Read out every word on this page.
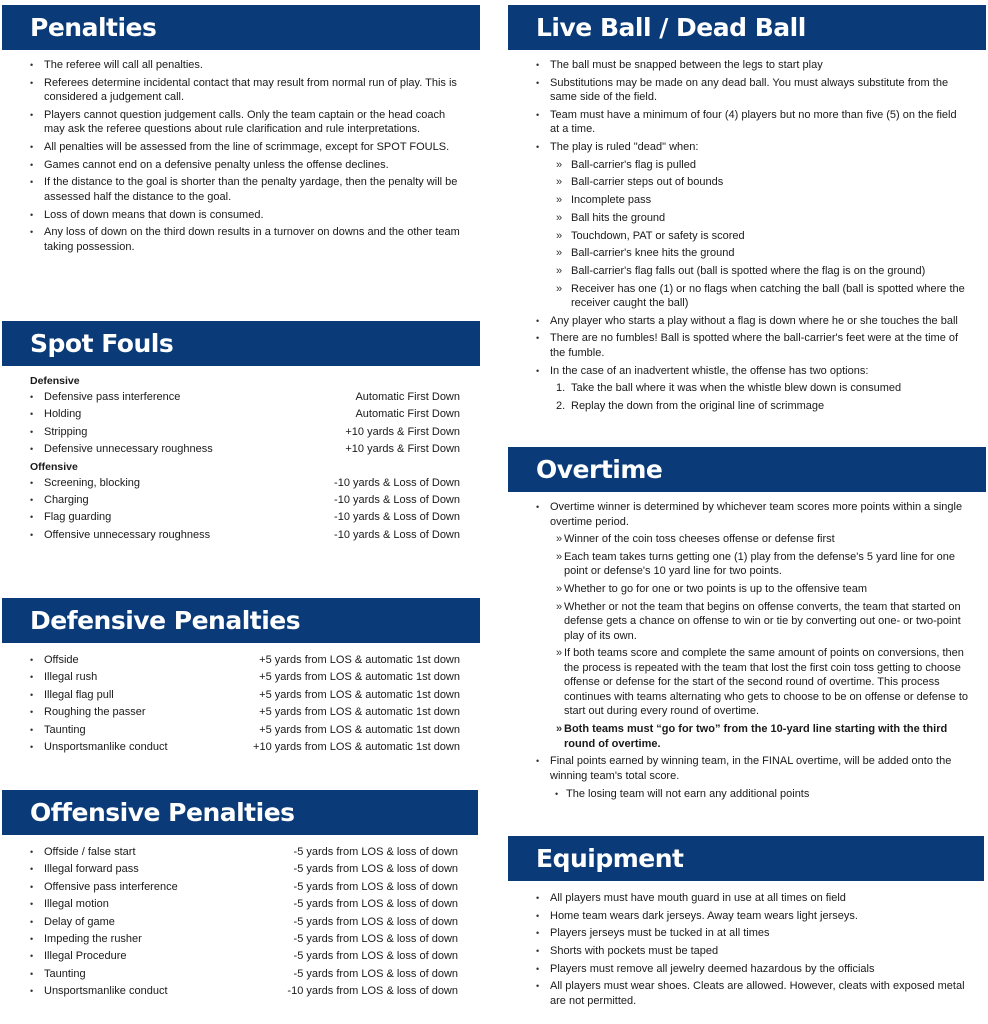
Penalties
• The referee will call all penalties.
• Referees determine incidental contact that may result from normal run of play. This is considered a judgement call.
• Players cannot question judgement calls. Only the team captain or the head coach may ask the referee questions about rule clarification and rule interpretations.
• All penalties will be assessed from the line of scrimmage, except for SPOT FOULS.
• Games cannot end on a defensive penalty unless the offense declines.
• If the distance to the goal is shorter than the penalty yardage, then the penalty will be assessed half the distance to the goal.
• Loss of down means that down is consumed.
• Any loss of down on the third down results in a turnover on downs and the other team taking possession.
Spot Fouls
Defensive
• Defensive pass interference	Automatic First Down
• Holding	Automatic First Down
• Stripping	+10 yards & First Down
• Defensive unnecessary roughness	+10 yards & First Down
Offensive
• Screening, blocking	-10 yards & Loss of Down
• Charging	-10 yards & Loss of Down
• Flag guarding	-10 yards & Loss of Down
• Offensive unnecessary roughness	-10 yards & Loss of Down
Defensive Penalties
• Offside	+5 yards from LOS & automatic 1st down
• Illegal rush	+5 yards from LOS & automatic 1st down
• Illegal flag pull	+5 yards from LOS & automatic 1st down
• Roughing the passer	+5 yards from LOS & automatic 1st down
• Taunting	+5 yards from LOS & automatic 1st down
• Unsportsmanlike conduct	+10 yards from LOS & automatic 1st down
Offensive Penalties
• Offside / false start	-5 yards from LOS & loss of down
• Illegal forward pass	-5 yards from LOS & loss of down
• Offensive pass interference	-5 yards from LOS & loss of down
• Illegal motion	-5 yards from LOS & loss of down
• Delay of game	-5 yards from LOS & loss of down
• Impeding the rusher	-5 yards from LOS & loss of down
• Illegal Procedure	-5 yards from LOS & loss of down
• Taunting	-5 yards from LOS & loss of down
• Unsportsmanlike conduct	-10 yards from LOS & loss of down
Live Ball / Dead Ball
• The ball must be snapped between the legs to start play
• Substitutions may be made on any dead ball. You must always substitute from the same side of the field.
• Team must have a minimum of four (4) players but no more than five (5) on the field at a time.
• The play is ruled "dead" when:
» Ball-carrier's flag is pulled
» Ball-carrier steps out of bounds
» Incomplete pass
» Ball hits the ground
» Touchdown, PAT or safety is scored
» Ball-carrier's knee hits the ground
» Ball-carrier's flag falls out (ball is spotted where the flag is on the ground)
» Receiver has one (1) or no flags when catching the ball (ball is spotted where the receiver caught the ball)
• Any player who starts a play without a flag is down where he or she touches the ball
• There are no fumbles! Ball is spotted where the ball-carrier's feet were at the time of the fumble.
• In the case of an inadvertent whistle, the offense has two options:
1. Take the ball where it was when the whistle blew down is consumed
2. Replay the down from the original line of scrimmage
Overtime
• Overtime winner is determined by whichever team scores more points within a single overtime period.
» Winner of the coin toss cheeses offense or defense first
» Each team takes turns getting one (1) play from the defense's 5 yard line for one point or defense's 10 yard line for two points.
» Whether to go for one or two points is up to the offensive team
» Whether or not the team that begins on offense converts, the team that started on defense gets a chance on offense to win or tie by converting out one- or two-point play of its own.
» If both teams score and complete the same amount of points on conversions, then the process is repeated with the team that lost the first coin toss getting to choose offense or defense for the start of the second round of overtime. This process continues with teams alternating who gets to choose to be on offense or defense to start out during every round of overtime.
» Both teams must “go for two” from the 10-yard line starting with the third round of overtime.
• Final points earned by winning team, in the FINAL overtime, will be added onto the winning team's total score.
• The losing team will not earn any additional points
Equipment
• All players must have mouth guard in use at all times on field
• Home team wears dark jerseys. Away team wears light jerseys.
• Players jerseys must be tucked in at all times
• Shorts with pockets must be taped
• Players must remove all jewelry deemed hazardous by the officials
• All players must wear shoes. Cleats are allowed. However, cleats with exposed metal are not permitted.
